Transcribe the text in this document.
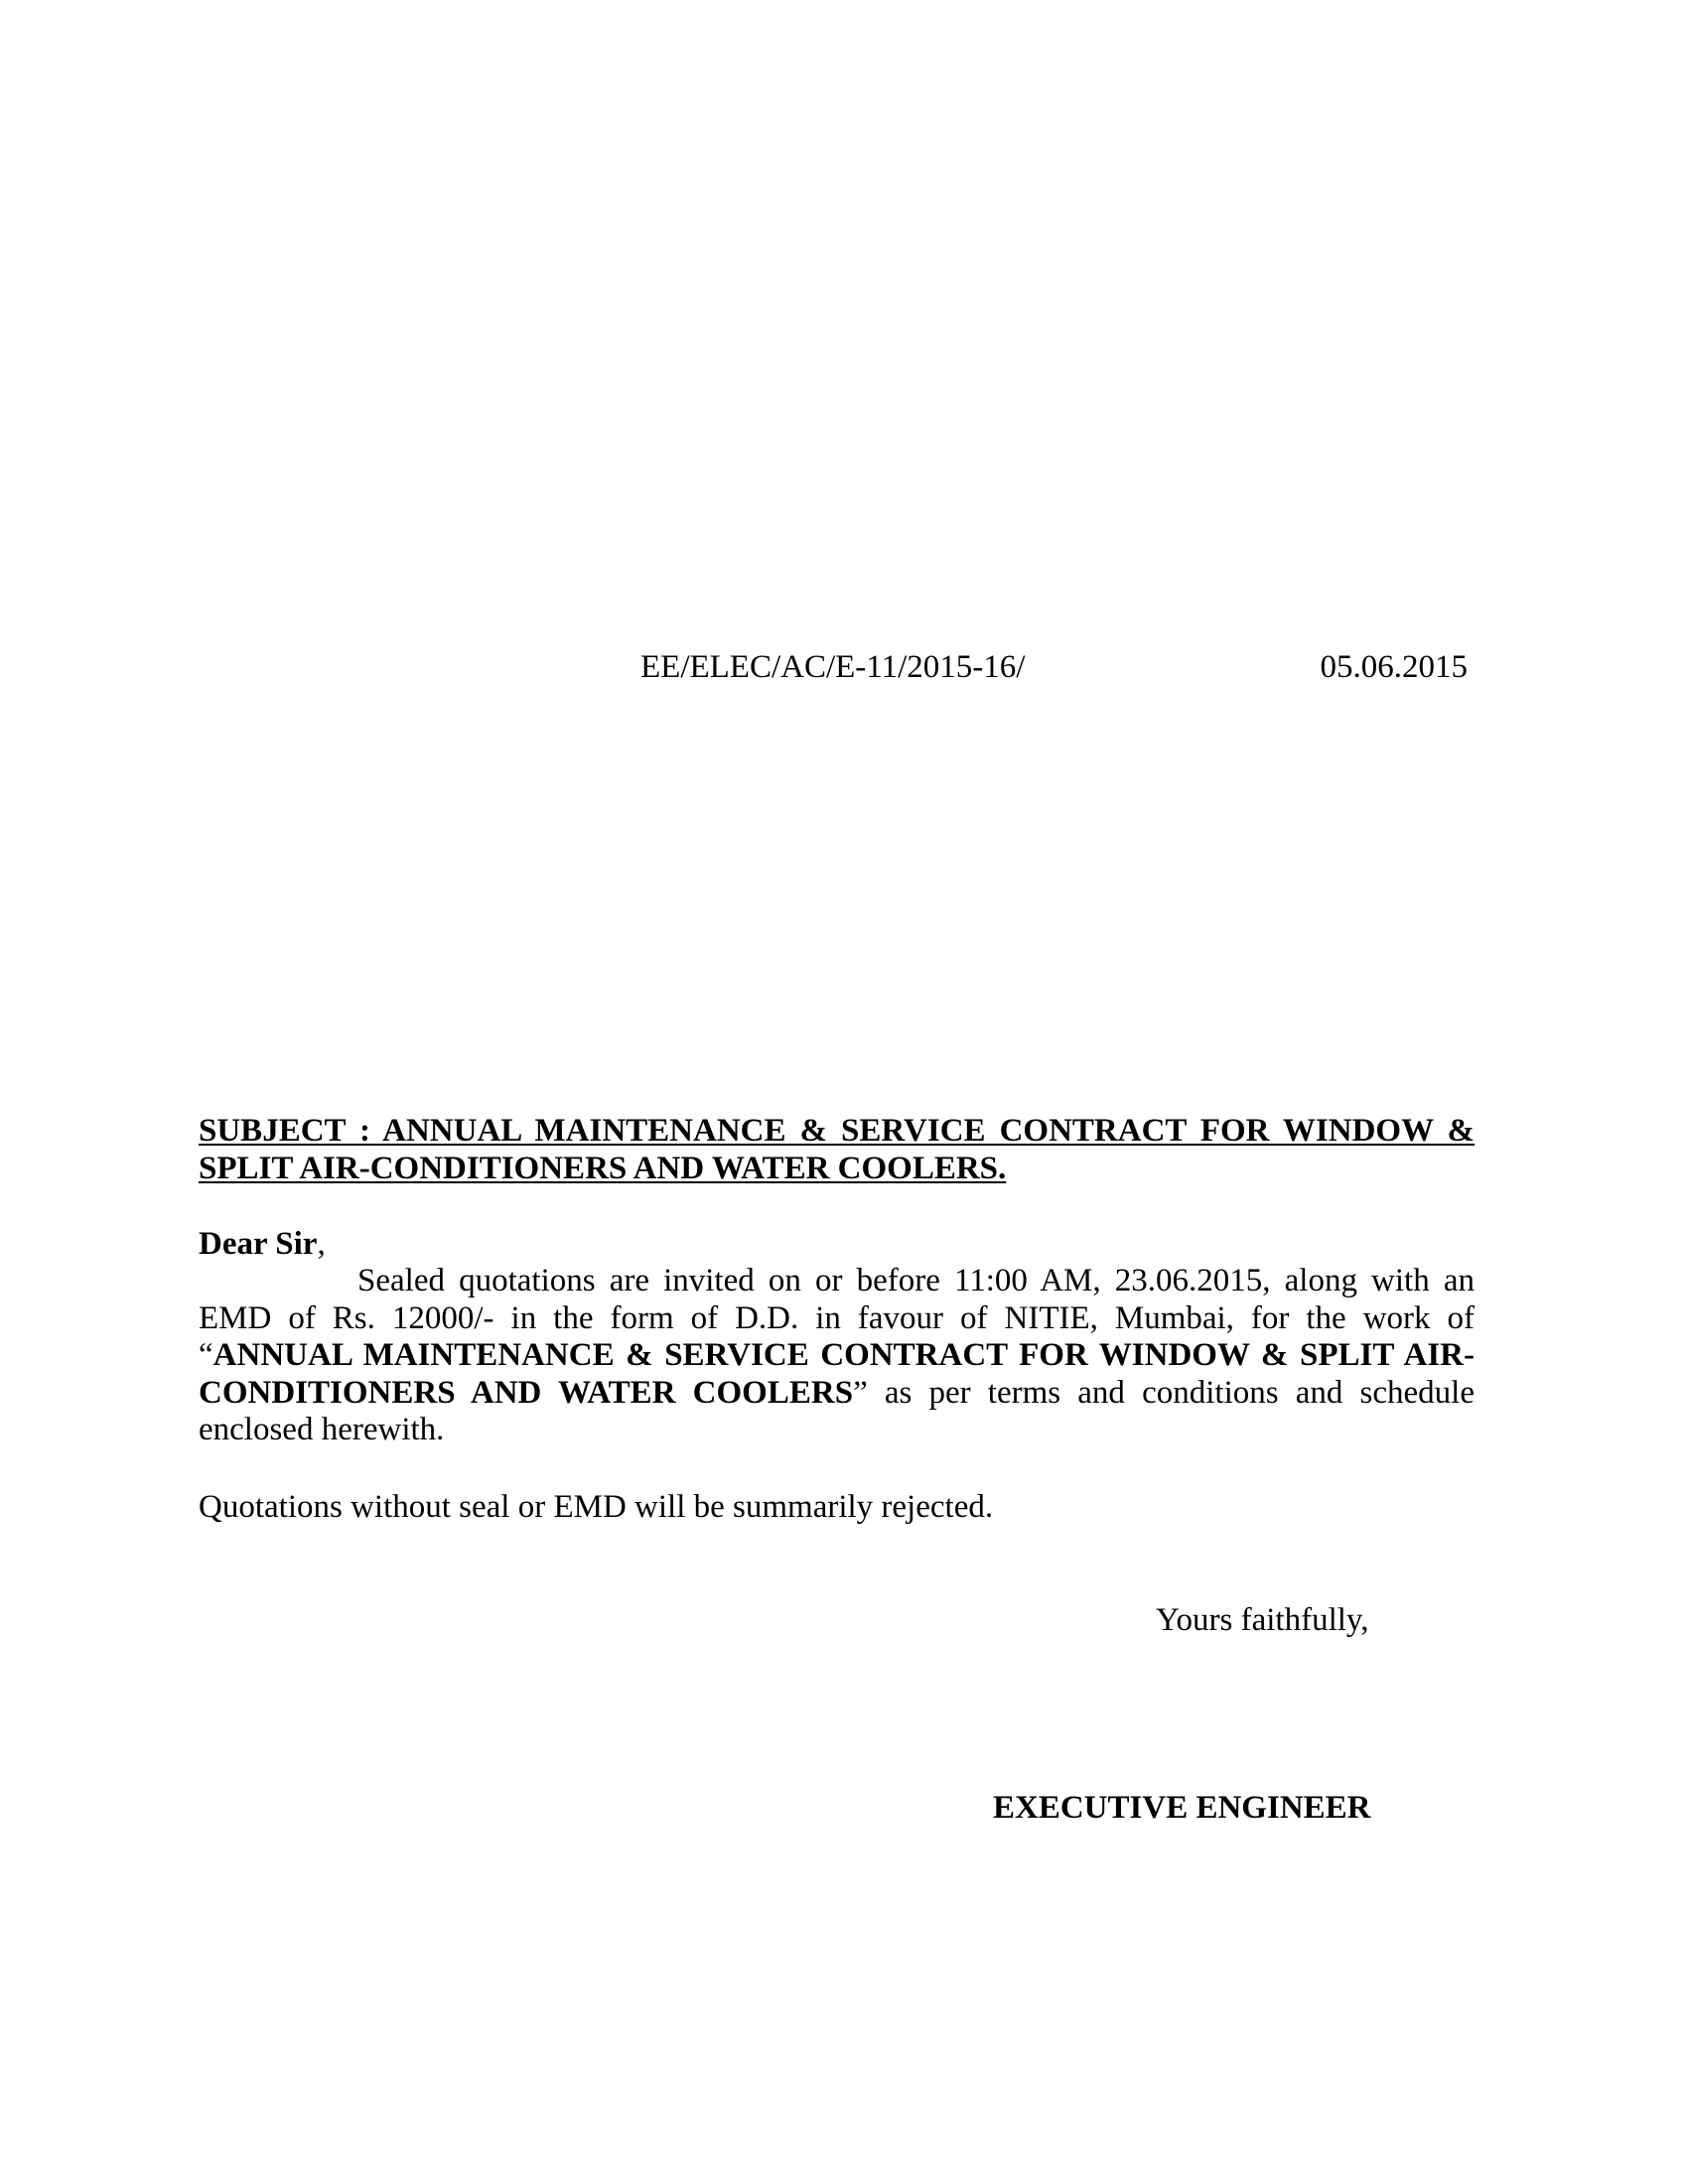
EE/ELEC/AC/E-11/2015-16/	05.06.2015
SUBJECT : ANNUAL MAINTENANCE & SERVICE CONTRACT FOR WINDOW & SPLIT AIR-CONDITIONERS AND WATER COOLERS.
Dear Sir,
Sealed quotations are invited on or before 11:00 AM, 23.06.2015, along with an EMD of Rs. 12000/- in the form of D.D. in favour of NITIE, Mumbai, for the work of “ANNUAL MAINTENANCE & SERVICE CONTRACT FOR WINDOW & SPLIT AIR-CONDITIONERS AND WATER COOLERS” as per terms and conditions and schedule enclosed herewith.
Quotations without seal or EMD will be summarily rejected.
Yours faithfully,
EXECUTIVE ENGINEER
